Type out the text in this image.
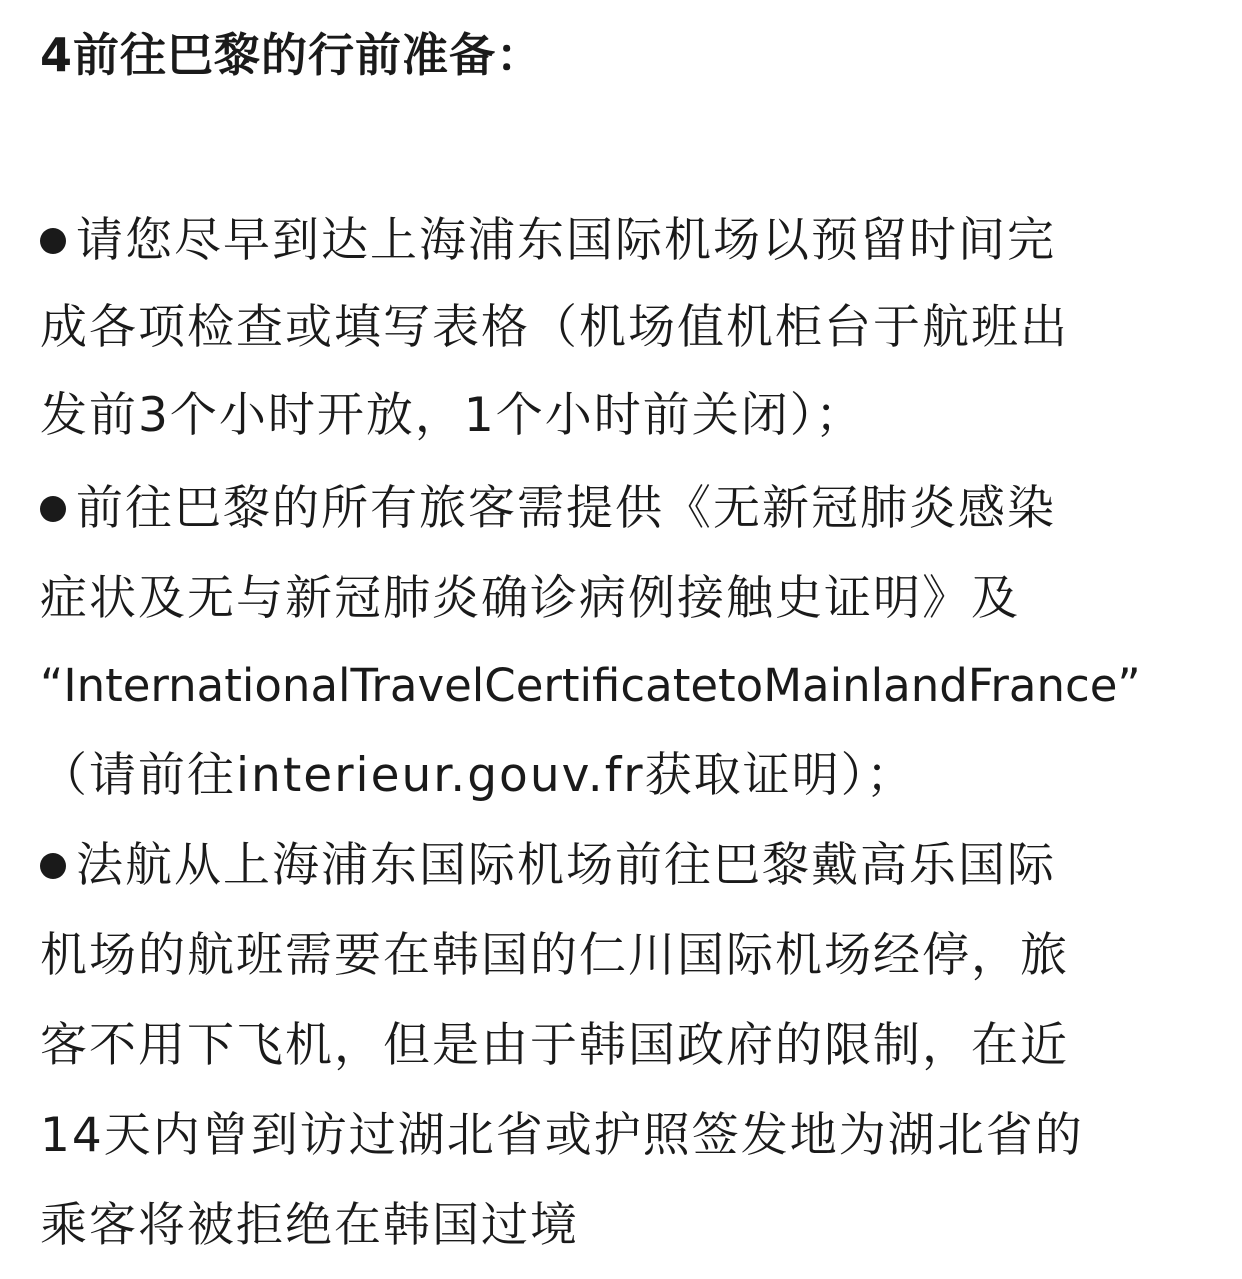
4前往巴黎的行前准备：
请您尽早到达上海浦东国际机场以预留时间完
成各项检查或填写表格（机场值机柜台于航班出
发前3个小时开放，1个小时前关闭）；
前往巴黎的所有旅客需提供《无新冠肺炎感染
症状及无与新冠肺炎确诊病例接触史证明》及
“InternationalTravelCertificatetoMainlandFrance”
（请前往interieur.gouv.fr获取证明）；
法航从上海浦东国际机场前往巴黎戴高乐国际
机场的航班需要在韩国的仁川国际机场经停，旅
客不用下飞机，但是由于韩国政府的限制，在近
14天内曾到访过湖北省或护照签发地为湖北省的
乘客将被拒绝在韩国过境
